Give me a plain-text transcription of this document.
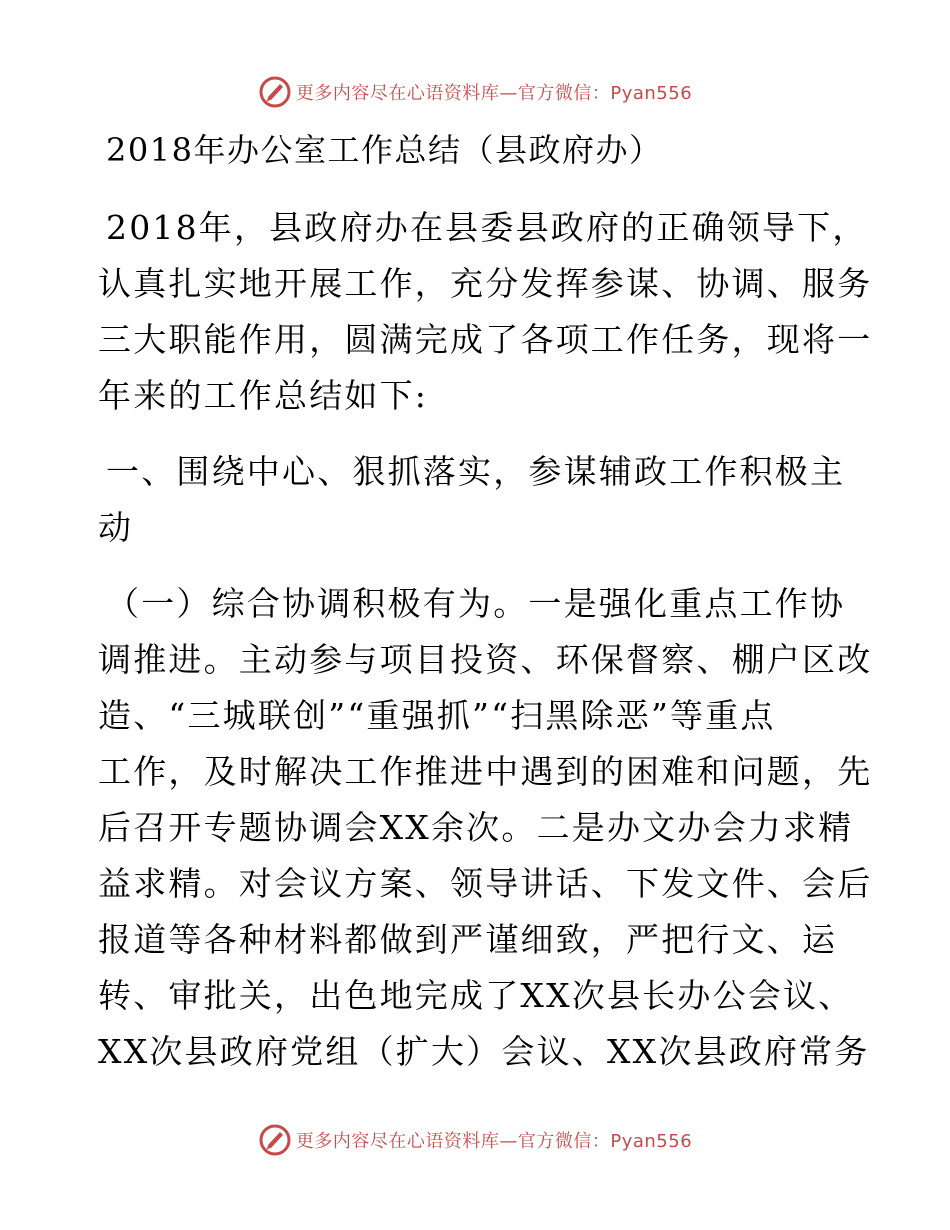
更多内容尽在心语资料库—官方微信：Pyan556
2018年办公室工作总结（县政府办）
2018年，县政府办在县委县政府的正确领导下，
认真扎实地开展工作，充分发挥参谋、协调、服务
三大职能作用，圆满完成了各项工作任务，现将一
年来的工作总结如下:
一、围绕中心、狠抓落实，参谋辅政工作积极主
动
（一）综合协调积极有为。一是强化重点工作协
调推进。主动参与项目投资、环保督察、棚户区改
造、“三城联创”“重强抓”“扫黑除恶”等重点
工作，及时解决工作推进中遇到的困难和问题，先
后召开专题协调会XX余次。二是办文办会力求精
益求精。对会议方案、领导讲话、下发文件、会后
报道等各种材料都做到严谨细致，严把行文、运
转、审批关，出色地完成了XX次县长办公会议、
XX次县政府党组（扩大）会议、XX次县政府常务
更多内容尽在心语资料库—官方微信：Pyan556
